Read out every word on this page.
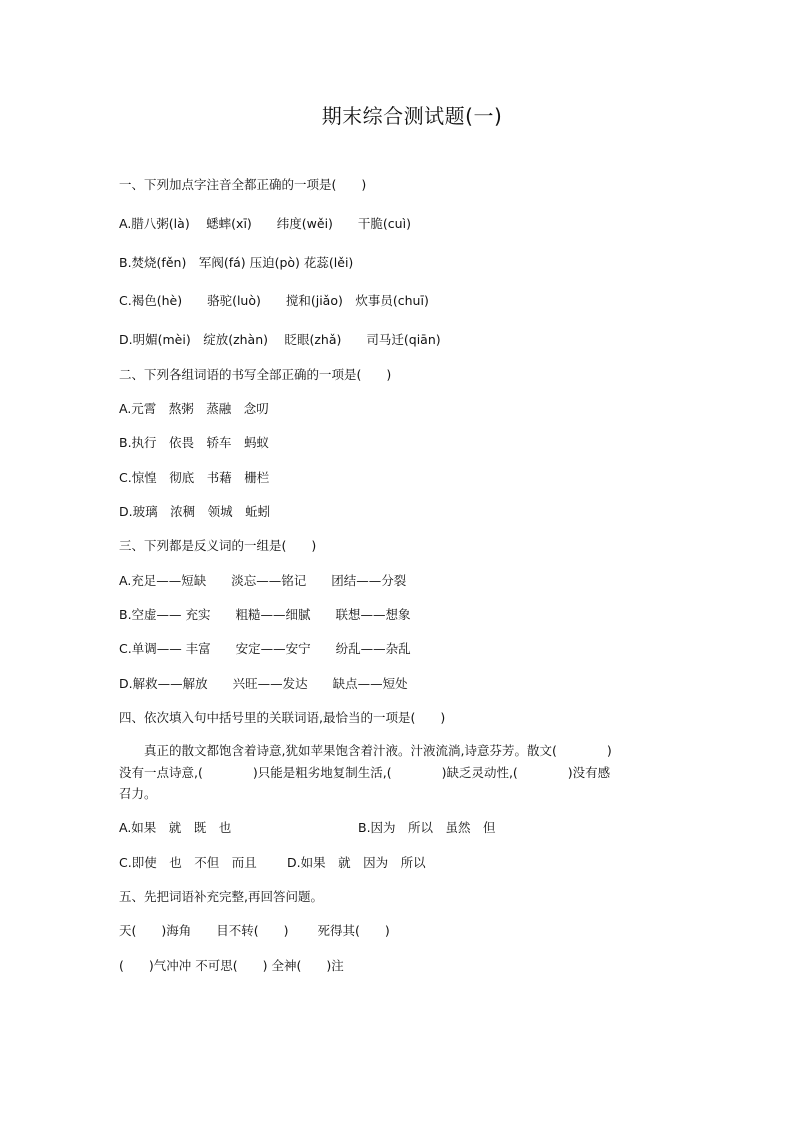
期末综合测试题(一)
一、下列加点字注音全都正确的一项是(　　)
A.腊八粥(là)　 蟋蟀(xī)　　纬度(wěi)　　干脆(cuì)
B.焚烧(fěn)　军阀(fá) 压迫(pò) 花蕊(lěi)
C.褐色(hè)　　骆驼(luò)　　搅和(jiǎo)　炊事员(chuī)
D.明媚(mèi)　绽放(zhàn)　 眨眼(zhǎ)　　司马迁(qiān)
二、下列各组词语的书写全部正确的一项是(　　)
A.元霄　熬粥　蒸融　念叨
B.执行　依畏　轿车　蚂蚁
C.惊惶　彻底　书藉　栅栏
D.玻璃　浓稠　领城　蚯蚓
三、下列都是反义词的一组是(　　)
A.充足——短缺　　淡忘——铭记　　团结——分裂
B.空虚—— 充实　　粗糙——细腻　　联想——想象
C.单调—— 丰富　　安定——安宁　　纷乱——杂乱
D.解救——解放　　兴旺——发达　　缺点——短处
四、依次填入句中括号里的关联词语,最恰当的一项是(　　)
真正的散文都饱含着诗意,犹如苹果饱含着汁液。汁液流淌,诗意芬芳。散文(　　　　)
没有一点诗意,(　　　　)只能是粗劣地复制生活,(　　　　)缺乏灵动性,(　　　　)没有感
召力。
A.如果　就　既　也	B.因为　所以　虽然　但
C.即使　也　不但　而且 D.如果　就　因为　所以
五、先把词语补充完整,再回答问题。
天(　　)海角　　目不转(　　)　　 死得其(　　)
(　　)气冲冲 不可思(　　) 全神(　　)注
